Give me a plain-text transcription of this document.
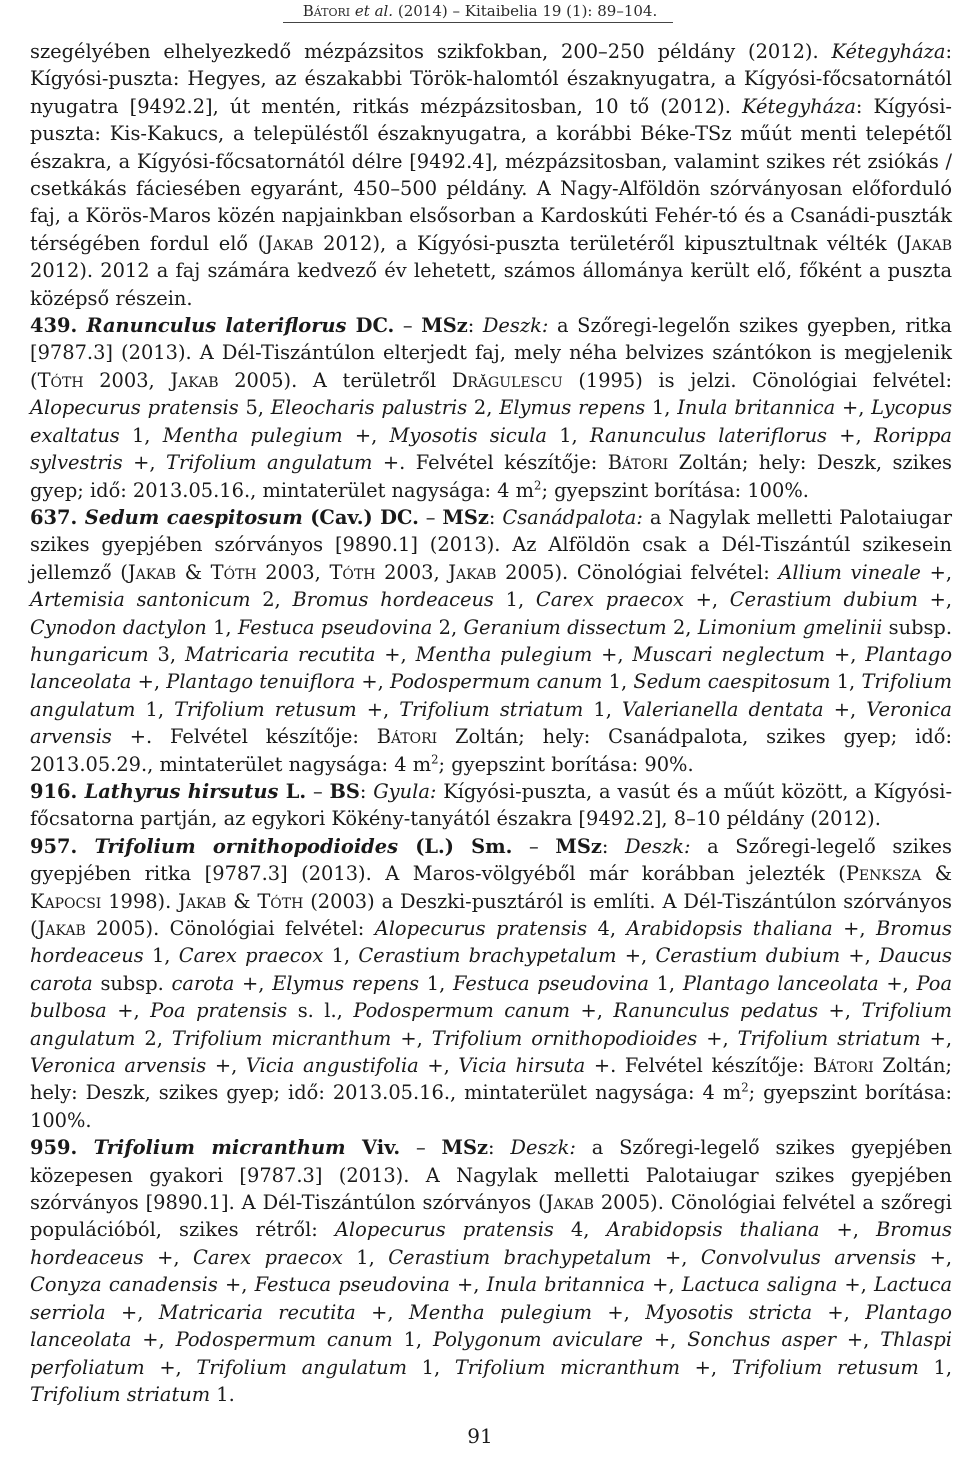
Bátori et al. (2014) – Kitaibelia 19 (1): 89–104.

szegélyében elhelyezkedő mézpázsitos szikfokban, 200–250 példány (2012). Kétegyháza: Kígyósi-puszta: Hegyes, az északabbi Török-halomtól északnyugatra, a Kígyósi-főcsatornától nyugatra [9492.2], út mentén, ritkás mézpázsitosban, 10 tő (2012). Kétegyháza: Kígyósi-puszta: Kis-Kakucs, a településtől északnyugatra, a korábbi Béke-TSz műút menti telepétől északra, a Kígyósi-főcsatornától délre [9492.4], mézpázsitosban, valamint szikes rét zsiókás / csetkákás fáciesében egyaránt, 450–500 példány. A Nagy-Alföldön szórványosan előforduló faj, a Körös-Maros közén napjainkban elsősorban a Kardoskúti Fehér-tó és a Csanádi-puszták térségében fordul elő (Jakab 2012), a Kígyósi-puszta területéről kipusztultnak vélték (Jakab 2012). 2012 a faj számára kedvező év lehetett, számos állománya került elő, főként a puszta középső részein.

439. Ranunculus lateriflorus DC. – MSz: Deszk: a Szőregi-legelőn szikes gyepben, ritka [9787.3] (2013). A Dél-Tiszántúlon elterjedt faj, mely néha belvizes szántókon is megjelenik (Tóth 2003, Jakab 2005). A területről Drăgulescu (1995) is jelzi. Cönológiai felvétel: Alopecurus pratensis 5, Eleocharis palustris 2, Elymus repens 1, Inula britannica +, Lycopus exaltatus 1, Mentha pulegium +, Myosotis sicula 1, Ranunculus lateriflorus +, Rorippa sylvestris +, Trifolium angulatum +. Felvétel készítője: Bátori Zoltán; hely: Deszk, szikes gyep; idő: 2013.05.16., mintaterület nagysága: 4 $m^2$; gyepszint borítása: 100%.

637. Sedum caespitosum (Cav.) DC. – MSz: Csanádpalota: a Nagylak melletti Palotaiugar szikes gyepjében szórványos [9890.1] (2013). Az Alföldön csak a Dél-Tiszántúl szikesein jellemző (Jakab & Tóth 2003, Tóth 2003, Jakab 2005). Cönológiai felvétel: Allium vineale +, Artemisia santonicum 2, Bromus hordeaceus 1, Carex praecox +, Cerastium dubium +, Cynodon dactylon 1, Festuca pseudovina 2, Geranium dissectum 2, Limonium gmelinii subsp. hungaricum 3, Matricaria recutita +, Mentha pulegium +, Muscari neglectum +, Plantago lanceolata +, Plantago tenuiflora +, Podospermum canum 1, Sedum caespitosum 1, Trifolium angulatum 1, Trifolium retusum +, Trifolium striatum 1, Valerianella dentata +, Veronica arvensis +. Felvétel készítője: Bátori Zoltán; hely: Csanádpalota, szikes gyep; idő: 2013.05.29., mintaterület nagysága: 4 $m^2$; gyepszint borítása: 90%.

916. Lathyrus hirsutus L. – BS: Gyula: Kígyósi-puszta, a vasút és a műút között, a Kígyósi-főcsatorna partján, az egykori Kökény-tanyától északra [9492.2], 8–10 példány (2012).

957. Trifolium ornithopodioides (L.) Sm. – MSz: Deszk: a Szőregi-legelő szikes gyepjében ritka [9787.3] (2013). A Maros-völgyéből már korábban jelezték (Penksza & Kapocsi 1998). Jakab & Tóth (2003) a Deszki-pusztáról is említi. A Dél-Tiszántúlon szórványos (Jakab 2005). Cönológiai felvétel: Alopecurus pratensis 4, Arabidopsis thaliana +, Bromus hordeaceus 1, Carex praecox 1, Cerastium brachypetalum +, Cerastium dubium +, Daucus carota subsp. carota +, Elymus repens 1, Festuca pseudovina 1, Plantago lanceolata +, Poa bulbosa +, Poa pratensis s. l., Podospermum canum +, Ranunculus pedatus +, Trifolium angulatum 2, Trifolium micranthum +, Trifolium ornithopodioides +, Trifolium striatum +, Veronica arvensis +, Vicia angustifolia +, Vicia hirsuta +. Felvétel készítője: Bátori Zoltán; hely: Deszk, szikes gyep; idő: 2013.05.16., mintaterület nagysága: 4 $m^2$; gyepszint borítása: 100%.

959. Trifolium micranthum Viv. – MSz: Deszk: a Szőregi-legelő szikes gyepjében közepesen gyakori [9787.3] (2013). A Nagylak melletti Palotaiugar szikes gyepjében szórványos [9890.1]. A Dél-Tiszántúlon szórványos (Jakab 2005). Cönológiai felvétel a szőregi populációból, szikes rétről: Alopecurus pratensis 4, Arabidopsis thaliana +, Bromus hordeaceus +, Carex praecox 1, Cerastium brachypetalum +, Convolvulus arvensis +, Conyza canadensis +, Festuca pseudovina +, Inula britannica +, Lactuca saligna +, Lactuca serriola +, Matricaria recutita +, Mentha pulegium +, Myosotis stricta +, Plantago lanceolata +, Podospermum canum 1, Polygonum aviculare +, Sonchus asper +, Thlaspi perfoliatum +, Trifolium angulatum 1, Trifolium micranthum +, Trifolium retusum 1, Trifolium striatum 1.

91
